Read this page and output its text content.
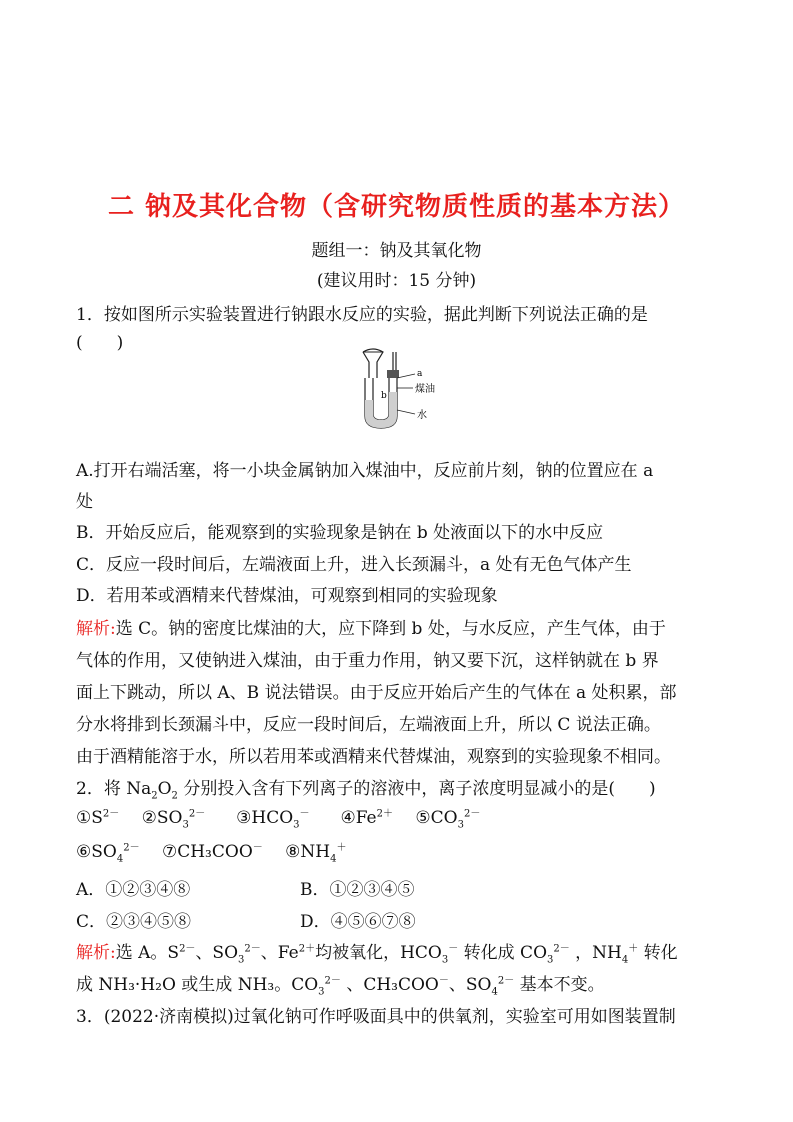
二 钠及其化合物（含研究物质性质的基本方法）
题组一：钠及其氧化物
(建议用时：15 分钟)
1．按如图所示实验装置进行钠跟水反应的实验，据此判断下列说法正确的是
(　　)
a
b
煤油
水
A.打开右端活塞，将一小块金属钠加入煤油中，反应前片刻，钠的位置应在 a
处
B．开始反应后，能观察到的实验现象是钠在 b 处液面以下的水中反应
C．反应一段时间后，左端液面上升，进入长颈漏斗，a 处有无色气体产生
D．若用苯或酒精来代替煤油，可观察到相同的实验现象
解析:选 C。钠的密度比煤油的大，应下降到 b 处，与水反应，产生气体，由于
气体的作用，又使钠进入煤油，由于重力作用，钠又要下沉，这样钠就在 b 界
面上下跳动，所以 A、B 说法错误。由于反应开始后产生的气体在 a 处积累，部
分水将排到长颈漏斗中，反应一段时间后，左端液面上升，所以 C 说法正确。
由于酒精能溶于水，所以若用苯或酒精来代替煤油，观察到的实验现象不相同。
2．将 $Na_2O_2$ 分别投入含有下列离子的溶液中，离子浓度明显减小的是(　　)
$①S^{2-}$  $②SO_3^{2-}$   $③HCO_3^-$   $④Fe^{2+}$  $⑤CO_3^{2-}$
$⑥SO_4^{2-}$  ⑦CH₃COO－  $⑧NH_4^+$
A．①②③④⑧	B．①②③④⑤
C．②③④⑤⑧	D．④⑤⑥⑦⑧
解析:选 A。$S^{2-}$、$SO_3^{2-}$、$Fe^{2+}$均被氧化，$HCO_3^-$ 转化成 $CO_3^{2-}$ ，$NH_4^+$ 转化
成 NH₃·H₂O 或生成 NH₃。$CO_3^{2-}$ 、CH₃COO－、$SO_4^{2-}$ 基本不变。
3．(2022·济南模拟)过氧化钠可作呼吸面具中的供氧剂，实验室可用如图装置制
